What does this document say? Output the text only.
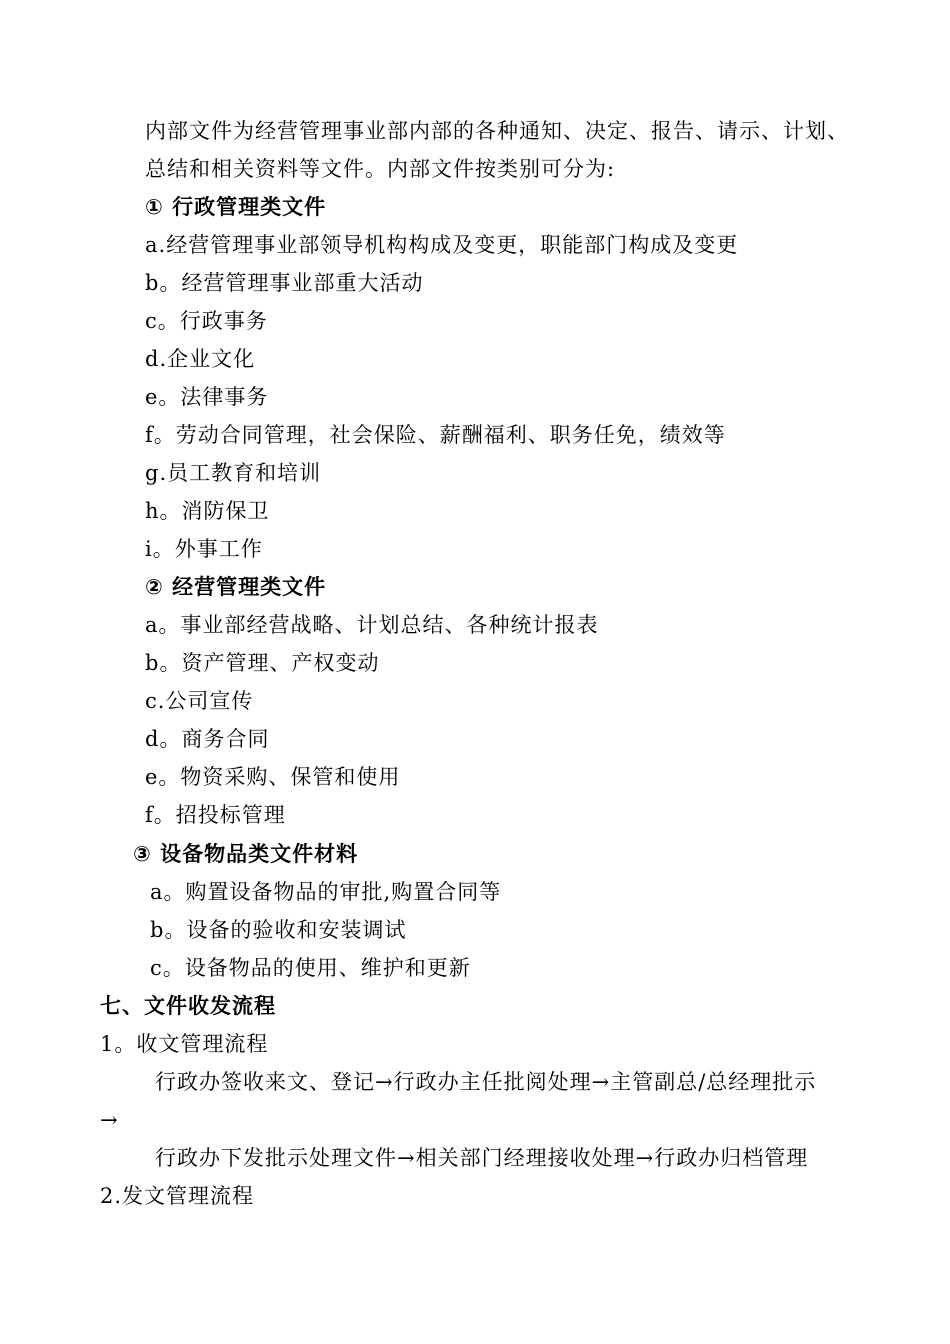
内部文件为经营管理事业部内部的各种通知、决定、报告、请示、计划、
总结和相关资料等文件。内部文件按类别可分为:
① 行政管理类文件
a.经营管理事业部领导机构构成及变更，职能部门构成及变更
b。经营管理事业部重大活动
c。行政事务
d.企业文化
e。法律事务
f。劳动合同管理，社会保险、薪酬福利、职务任免，绩效等
g.员工教育和培训
h。消防保卫
i。外事工作
② 经营管理类文件
a。事业部经营战略、计划总结、各种统计报表
b。资产管理、产权变动
c.公司宣传
d。商务合同
e。物资采购、保管和使用
f。招投标管理
③ 设备物品类文件材料
a。购置设备物品的审批,购置合同等
b。设备的验收和安装调试
c。设备物品的使用、维护和更新
七、文件收发流程
1。收文管理流程
行政办签收来文、登记→行政办主任批阅处理→主管副总/总经理批示
→
行政办下发批示处理文件→相关部门经理接收处理→行政办归档管理
2.发文管理流程
